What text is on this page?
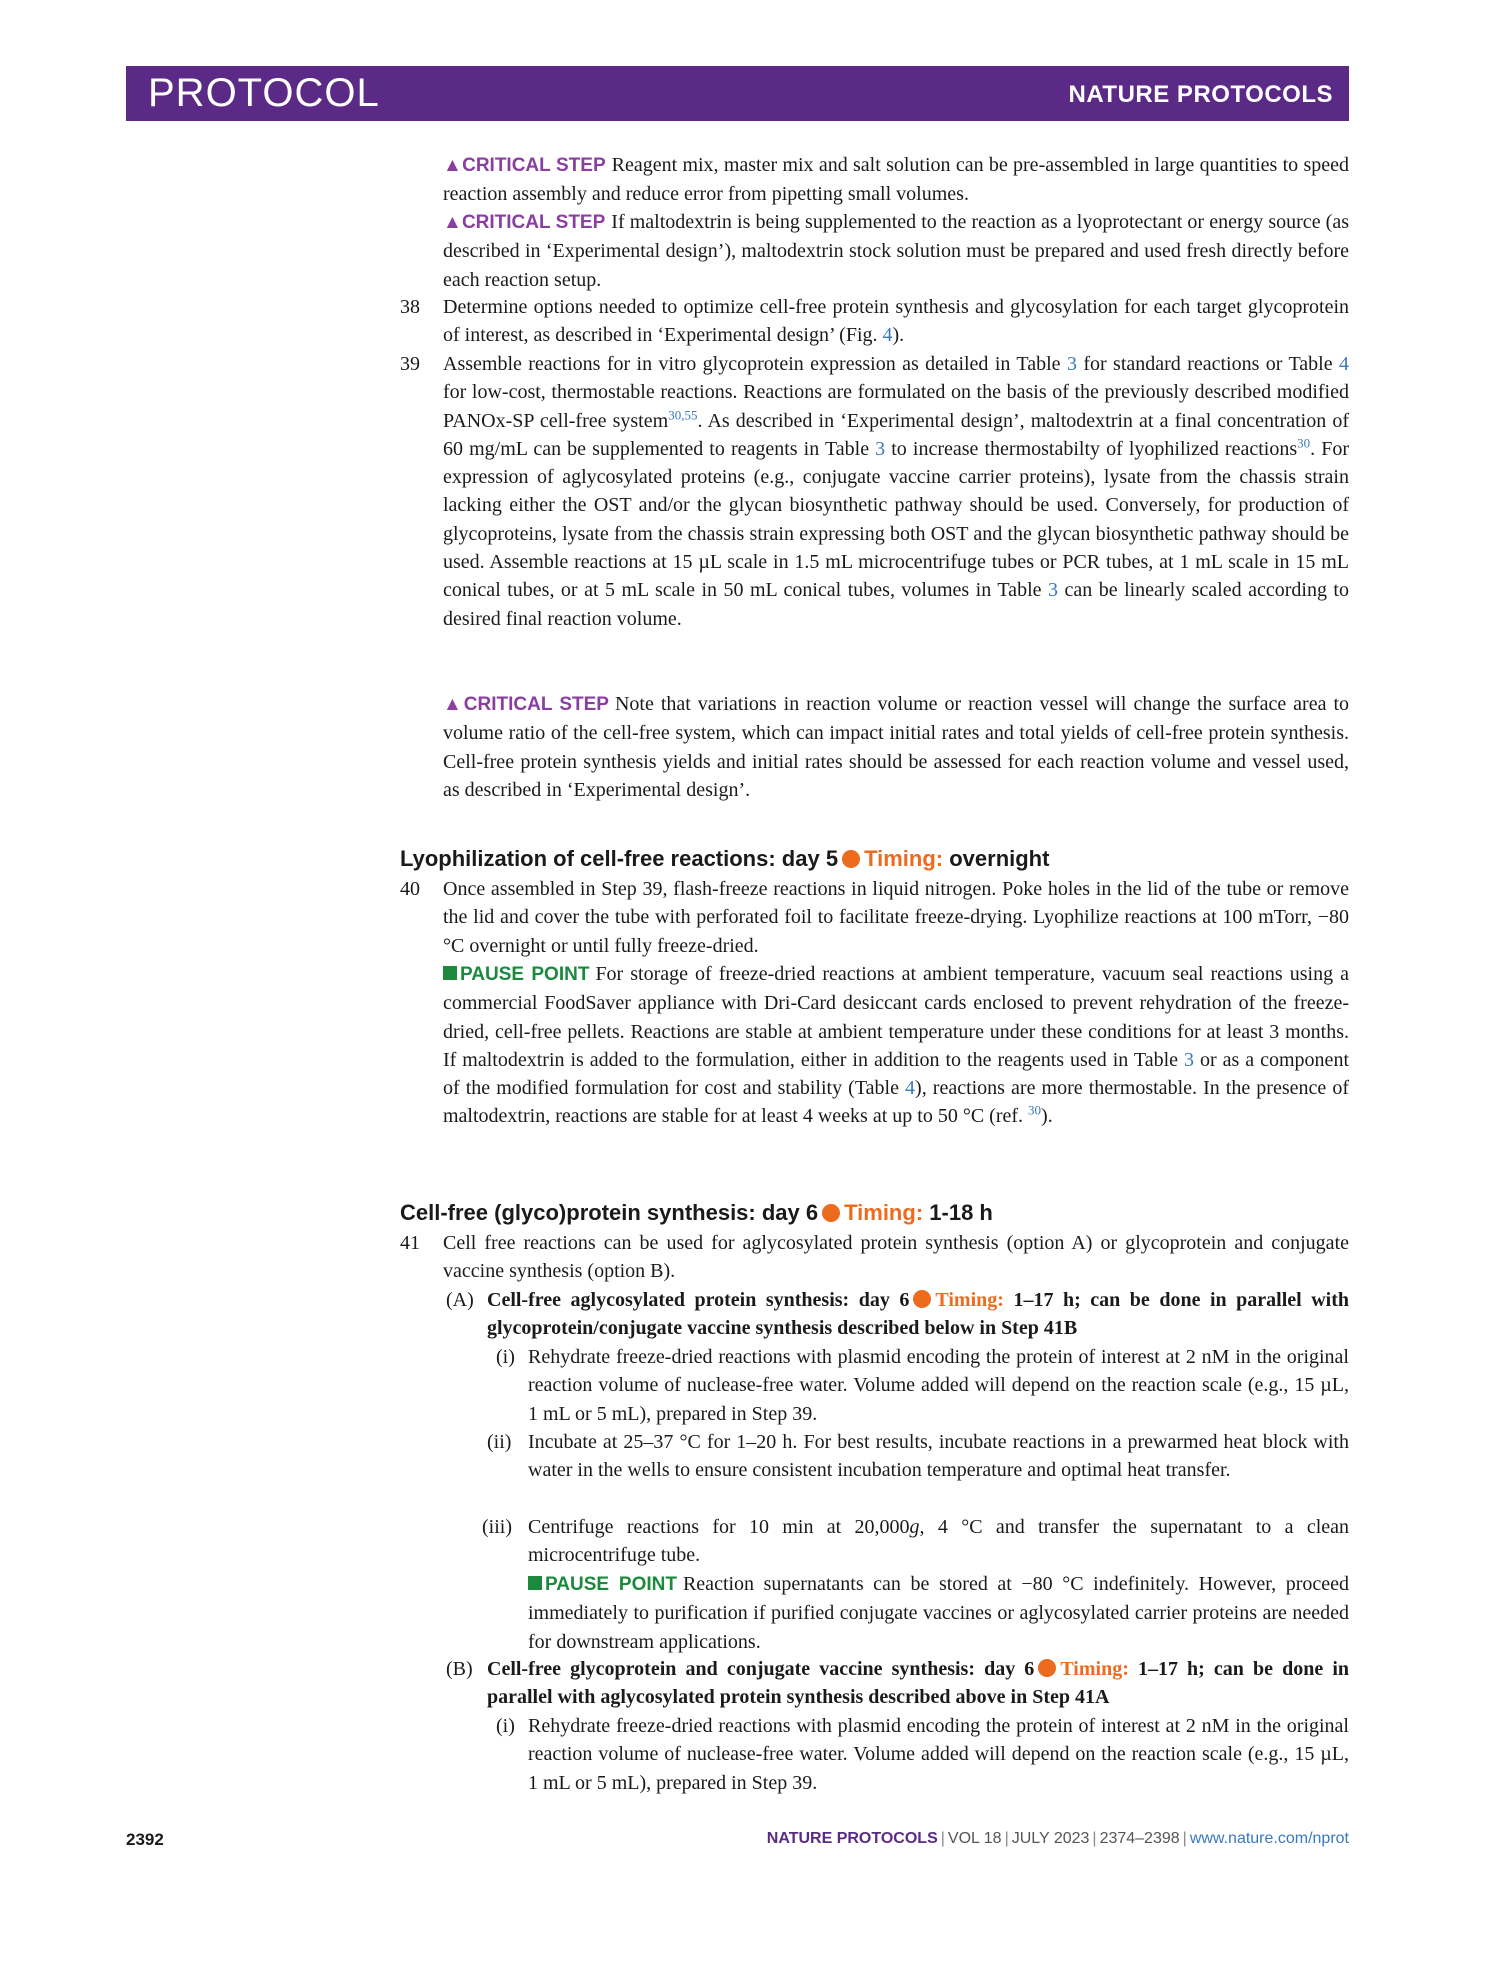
PROTOCOL	NATURE PROTOCOLS
▲CRITICAL STEP Reagent mix, master mix and salt solution can be pre-assembled in large quantities to speed reaction assembly and reduce error from pipetting small volumes.
▲CRITICAL STEP If maltodextrin is being supplemented to the reaction as a lyoprotectant or energy source (as described in ‘Experimental design’), maltodextrin stock solution must be prepared and used fresh directly before each reaction setup.
38 Determine options needed to optimize cell-free protein synthesis and glycosylation for each target glycoprotein of interest, as described in ‘Experimental design’ (Fig. 4).
39 Assemble reactions for in vitro glycoprotein expression as detailed in Table 3 for standard reactions or Table 4 for low-cost, thermostable reactions. Reactions are formulated on the basis of the previously described modified PANOx-SP cell-free system$^{30,55}$. As described in ‘Experimental design’, maltodextrin at a final concentration of 60 mg/mL can be supplemented to reagents in Table 3 to increase thermostabilty of lyophilized reactions$^{30}$. For expression of aglycosylated proteins (e.g., conjugate vaccine carrier proteins), lysate from the chassis strain lacking either the OST and/or the glycan biosynthetic pathway should be used. Conversely, for production of glycoproteins, lysate from the chassis strain expressing both OST and the glycan biosynthetic pathway should be used. Assemble reactions at 15 µL scale in 1.5 mL microcentrifuge tubes or PCR tubes, at 1 mL scale in 15 mL conical tubes, or at 5 mL scale in 50 mL conical tubes, volumes in Table 3 can be linearly scaled according to desired final reaction volume.
▲CRITICAL STEP Note that variations in reaction volume or reaction vessel will change the surface area to volume ratio of the cell-free system, which can impact initial rates and total yields of cell-free protein synthesis. Cell-free protein synthesis yields and initial rates should be assessed for each reaction volume and vessel used, as described in ‘Experimental design’.
Lyophilization of cell-free reactions: day 5 Timing: overnight
40 Once assembled in Step 39, flash-freeze reactions in liquid nitrogen. Poke holes in the lid of the tube or remove the lid and cover the tube with perforated foil to facilitate freeze-drying. Lyophilize reactions at 100 mTorr, −80 °C overnight or until fully freeze-dried.
PAUSE POINT For storage of freeze-dried reactions at ambient temperature, vacuum seal reactions using a commercial FoodSaver appliance with Dri-Card desiccant cards enclosed to prevent rehydration of the freeze-dried, cell-free pellets. Reactions are stable at ambient temperature under these conditions for at least 3 months. If maltodextrin is added to the formulation, either in addition to the reagents used in Table 3 or as a component of the modified formulation for cost and stability (Table 4), reactions are more thermostable. In the presence of maltodextrin, reactions are stable for at least 4 weeks at up to 50 °C (ref. $^{30}$).
Cell-free (glyco)protein synthesis: day 6 Timing: 1-18 h
41 Cell free reactions can be used for aglycosylated protein synthesis (option A) or glycoprotein and conjugate vaccine synthesis (option B).
(A) Cell-free aglycosylated protein synthesis: day 6 Timing: 1–17 h; can be done in parallel with glycoprotein/conjugate vaccine synthesis described below in Step 41B
(i) Rehydrate freeze-dried reactions with plasmid encoding the protein of interest at 2 nM in the original reaction volume of nuclease-free water. Volume added will depend on the reaction scale (e.g., 15 µL, 1 mL or 5 mL), prepared in Step 39.
(ii) Incubate at 25–37 °C for 1–20 h. For best results, incubate reactions in a prewarmed heat block with water in the wells to ensure consistent incubation temperature and optimal heat transfer.
(iii) Centrifuge reactions for 10 min at 20,000g, 4 °C and transfer the supernatant to a clean microcentrifuge tube.
PAUSE POINT Reaction supernatants can be stored at −80 °C indefinitely. However, proceed immediately to purification if purified conjugate vaccines or aglycosylated carrier proteins are needed for downstream applications.
(B) Cell-free glycoprotein and conjugate vaccine synthesis: day 6 Timing: 1–17 h; can be done in parallel with aglycosylated protein synthesis described above in Step 41A
(i) Rehydrate freeze-dried reactions with plasmid encoding the protein of interest at 2 nM in the original reaction volume of nuclease-free water. Volume added will depend on the reaction scale (e.g., 15 µL, 1 mL or 5 mL), prepared in Step 39.
2392	NATURE PROTOCOLS | VOL 18 | JULY 2023 | 2374–2398 | www.nature.com/nprot
